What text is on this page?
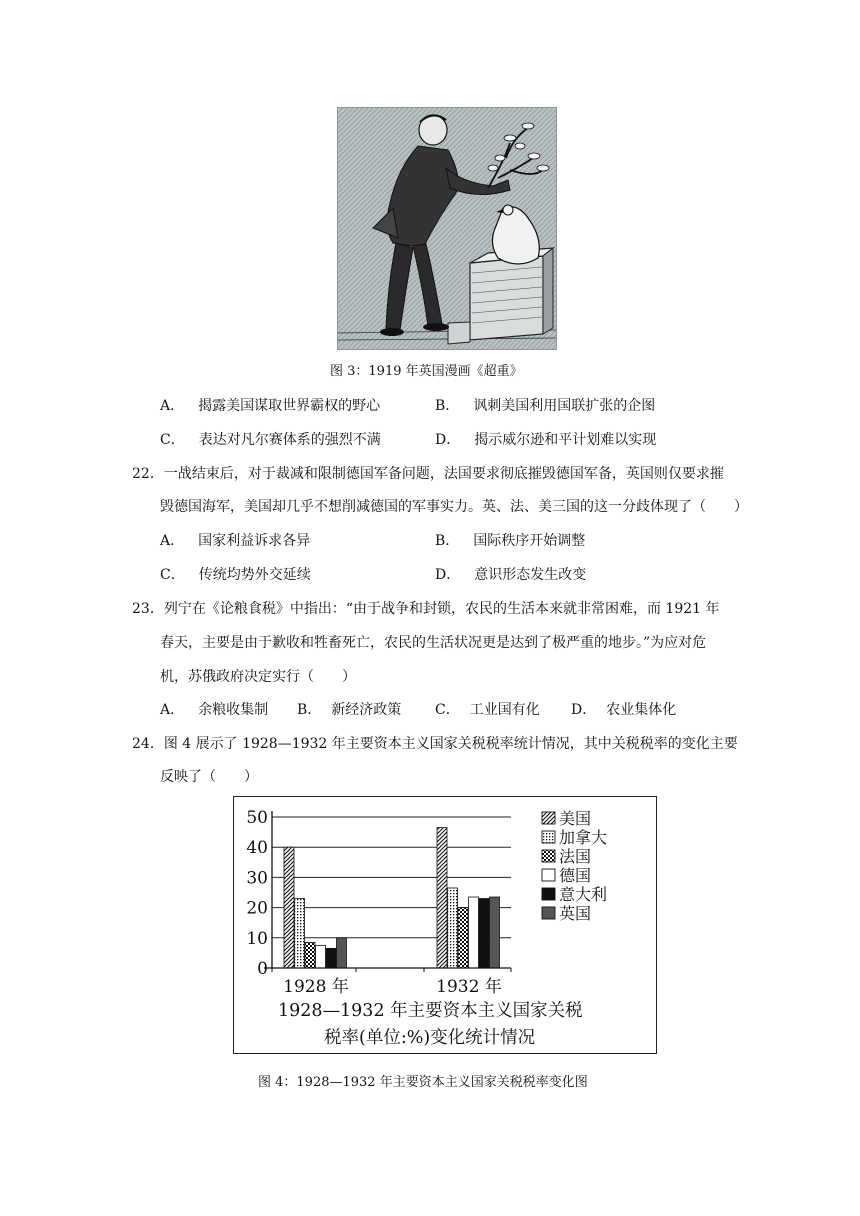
图 3：1919 年英国漫画《超重》
A． 揭露美国谋取世界霸权的野心	B． 讽刺美国利用国联扩张的企图
C． 表达对凡尔赛体系的强烈不满	D． 揭示威尔逊和平计划难以实现
22．一战结束后，对于裁减和限制德国军备问题，法国要求彻底摧毁德国军备，英国则仅要求摧
毁德国海军，美国却几乎不想削减德国的军事实力。英、法、美三国的这一分歧体现了（　　）
A． 国家利益诉求各异	B． 国际秩序开始调整
C． 传统均势外交延续	D． 意识形态发生改变
23．列宁在《论粮食税》中指出：“由于战争和封锁，农民的生活本来就非常困难，而 1921 年
春天，主要是由于歉收和牲畜死亡，农民的生活状况更是达到了极严重的地步。”为应对危
机，苏俄政府决定实行（　　）
A． 余粮收集制 B． 新经济政策 C． 工业国有化 D． 农业集体化
24．图 4 展示了 1928—1932 年主要资本主义国家关税税率统计情况，其中关税税率的变化主要
反映了（　　）
美国
加拿大
法国
德国
意大利
英国
0
10
20
30
40
50
1928 年	1932 年
1928—1932 年主要资本主义国家关税
税率(单位:%)变化统计情况
图 4：1928—1932 年主要资本主义国家关税税率变化图
